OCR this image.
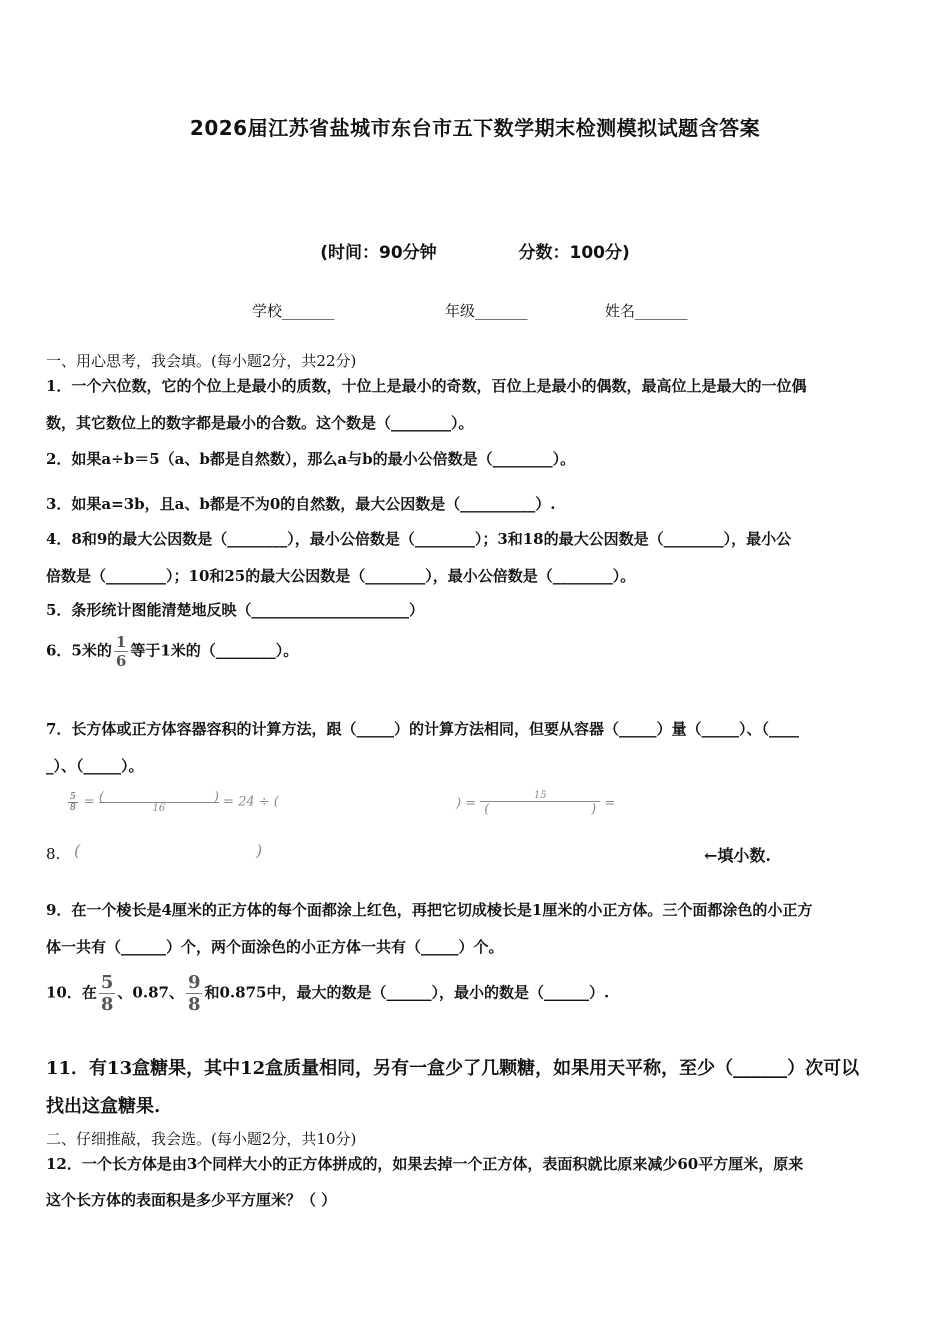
2026届江苏省盐城市东台市五下数学期末检测模拟试题含答案
(时间：90分钟	分数：100分)
学校_______	年级_______	姓名_______
一、用心思考，我会填。(每小题2分，共22分)
1．一个六位数，它的个位上是最小的质数，十位上是最小的奇数，百位上是最小的偶数，最高位上是最大的一位偶
数，其它数位上的数字都是最小的合数。这个数是（________）。
2．如果a÷b＝5（a、b都是自然数），那么a与b的最小公倍数是（________）。
3．如果a=3b，且a、b都是不为0的自然数，最大公因数是（__________）.
4．8和9的最大公因数是（________），最小公倍数是（________）；3和18的最大公因数是（________），最小公
倍数是（________）；10和25的最大公因数是（________），最小公倍数是（________）。
5．条形统计图能清楚地反映（_____________________）
6．5米的 $\frac{1}{6}$ 等于1米的（________）。
7．长方体或正方体容器容积的计算方法，跟（_____）的计算方法相同，但要从容器（_____）量（_____）、（____
_）、（_____）。
$\frac{5}{8}$ = (	)
16	= 24 ÷ (	) =
15
(	) =
8. (	)	←填小数.
9．在一个棱长是4厘米的正方体的每个面都涂上红色，再把它切成棱长是1厘米的小正方体。三个面都涂色的小正方
体一共有（______）个，两个面涂色的小正方体一共有（_____）个。
10．在 $\frac{5}{8}$ 、0.87、 $\frac{9}{8}$ 和0.875中，最大的数是（______），最小的数是（______）.
11．有13盒糖果，其中12盒质量相同，另有一盒少了几颗糖，如果用天平称，至少（______）次可以
找出这盒糖果.
二、仔细推敲，我会选。(每小题2分，共10分)
12．一个长方体是由3个同样大小的正方体拼成的，如果去掉一个正方体，表面积就比原来减少60平方厘米，原来
这个长方体的表面积是多少平方厘米？（ ）
